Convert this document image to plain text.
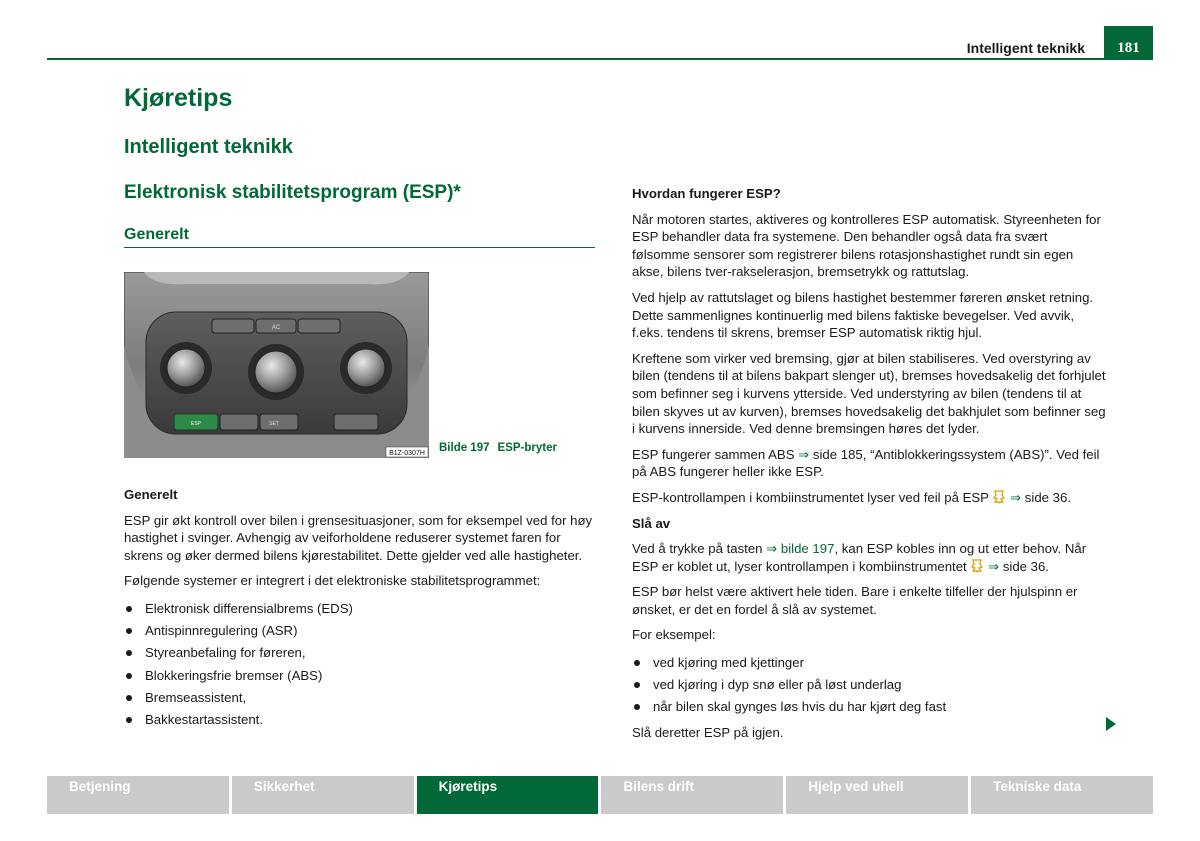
Intelligent teknikk	181
Kjøretips
Intelligent teknikk
Elektronisk stabilitetsprogram (ESP)*
Generelt
AC
ESP	SET
B1Z-0307H Bilde 197 ESP-bryter

Generelt

ESP gir økt kontroll over bilen i grensesituasjoner, som for eksempel ved for høy hastighet i svinger. Avhengig av veiforholdene reduserer systemet faren for skrens og øker dermed bilens kjørestabilitet. Dette gjelder ved alle hastigheter.

Følgende systemer er integrert i det elektroniske stabilitetsprogrammet:

Elektronisk differensialbrems (EDS)
Antispinnregulering (ASR)
Styreanbefaling for føreren,
Blokkeringsfrie bremser (ABS)
Bremseassistent,
Bakkestartassistent.

Hvordan fungerer ESP?

Når motoren startes, aktiveres og kontrolleres ESP automatisk. Styreenheten for ESP behandler data fra systemene. Den behandler også data fra svært følsomme sensorer som registrerer bilens rotasjonshastighet rundt sin egen akse, bilens tver-rakselerasjon, bremsetrykk og rattutslag.

Ved hjelp av rattutslaget og bilens hastighet bestemmer føreren ønsket retning. Dette sammenlignes kontinuerlig med bilens faktiske bevegelser. Ved avvik, f.eks. tendens til skrens, bremser ESP automatisk riktig hjul.

Kreftene som virker ved bremsing, gjør at bilen stabiliseres. Ved overstyring av bilen (tendens til at bilens bakpart slenger ut), bremses hovedsakelig det forhjulet som befinner seg i kurvens ytterside. Ved understyring av bilen (tendens til at bilen skyves ut av kurven), bremses hovedsakelig det bakhjulet som befinner seg i kurvens innerside. Ved denne bremsingen høres det lyder.

ESP fungerer sammen ABS ⇒ side 185, “Antiblokkeringssystem (ABS)”. Ved feil på ABS fungerer heller ikke ESP.

ESP-kontrollampen i kombiinstrumentet lyser ved feil på ESP ⇒ side 36.

Slå av

Ved å trykke på tasten ⇒ bilde 197, kan ESP kobles inn og ut etter behov. Når ESP er koblet ut, lyser kontrollampen i kombiinstrumentet ⇒ side 36.

ESP bør helst være aktivert hele tiden. Bare i enkelte tilfeller der hjulspinn er ønsket, er det en fordel å slå av systemet.

For eksempel:

ved kjøring med kjettinger
ved kjøring i dyp snø eller på løst underlag
når bilen skal gynges løs hvis du har kjørt deg fast

Slå deretter ESP på igjen.

Betjening	Sikkerhet	Kjøretips	Bilens drift	Hjelp ved uhell	Tekniske data
